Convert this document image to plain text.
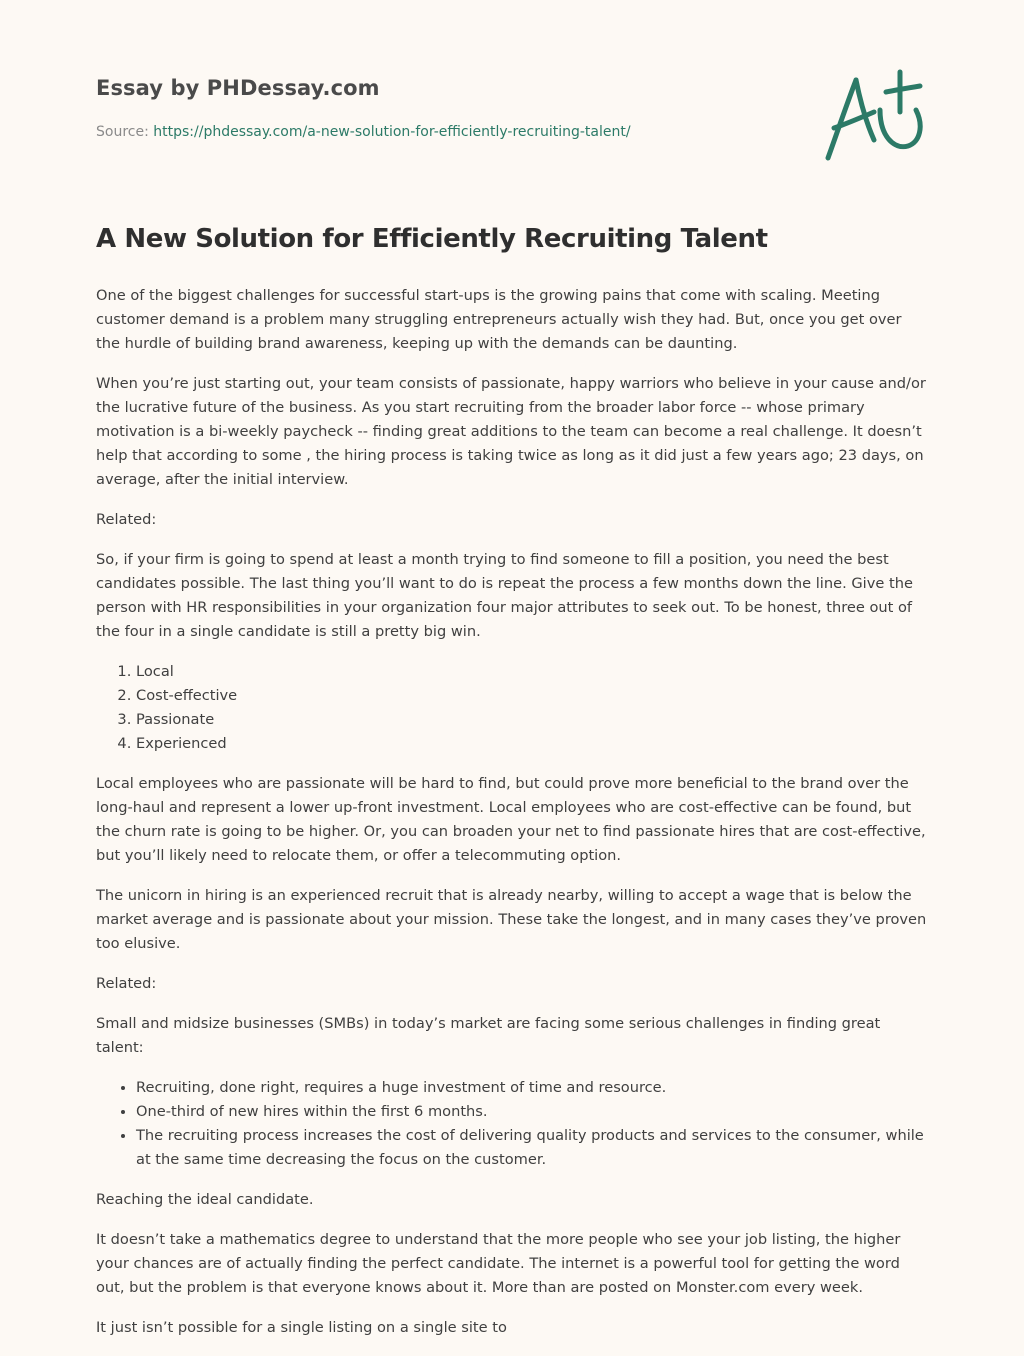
Essay by PHDessay.com

Source: https://phdessay.com/a-new-solution-for-efficiently-recruiting-talent/

A New Solution for Efficiently Recruiting Talent

One of the biggest challenges for successful start-ups is the growing pains that come with scaling. Meeting customer demand is a problem many struggling entrepreneurs actually wish they had. But, once you get over the hurdle of building brand awareness, keeping up with the demands can be daunting.

When you’re just starting out, your team consists of passionate, happy warriors who believe in your cause and/or the lucrative future of the business. As you start recruiting from the broader labor force -- whose primary motivation is a bi-weekly paycheck -- finding great additions to the team can become a real challenge. It doesn’t help that according to some , the hiring process is taking twice as long as it did just a few years ago; 23 days, on average, after the initial interview.

Related:

So, if your firm is going to spend at least a month trying to find someone to fill a position, you need the best candidates possible. The last thing you’ll want to do is repeat the process a few months down the line. Give the person with HR responsibilities in your organization four major attributes to seek out. To be honest, three out of the four in a single candidate is still a pretty big win.

1. Local
2. Cost-effective
3. Passionate
4. Experienced

Local employees who are passionate will be hard to find, but could prove more beneficial to the brand over the long-haul and represent a lower up-front investment. Local employees who are cost-effective can be found, but the churn rate is going to be higher. Or, you can broaden your net to find passionate hires that are cost-effective, but you’ll likely need to relocate them, or offer a telecommuting option.

The unicorn in hiring is an experienced recruit that is already nearby, willing to accept a wage that is below the market average and is passionate about your mission. These take the longest, and in many cases they’ve proven too elusive.

Related:

Small and midsize businesses (SMBs) in today’s market are facing some serious challenges in finding great talent:

• Recruiting, done right, requires a huge investment of time and resource.
• One-third of new hires within the first 6 months.
• The recruiting process increases the cost of delivering quality products and services to the consumer, while at the same time decreasing the focus on the customer.

Reaching the ideal candidate.

It doesn’t take a mathematics degree to understand that the more people who see your job listing, the higher your chances are of actually finding the perfect candidate. The internet is a powerful tool for getting the word out, but the problem is that everyone knows about it. More than are posted on Monster.com every week.

It just isn’t possible for a single listing on a single site to
